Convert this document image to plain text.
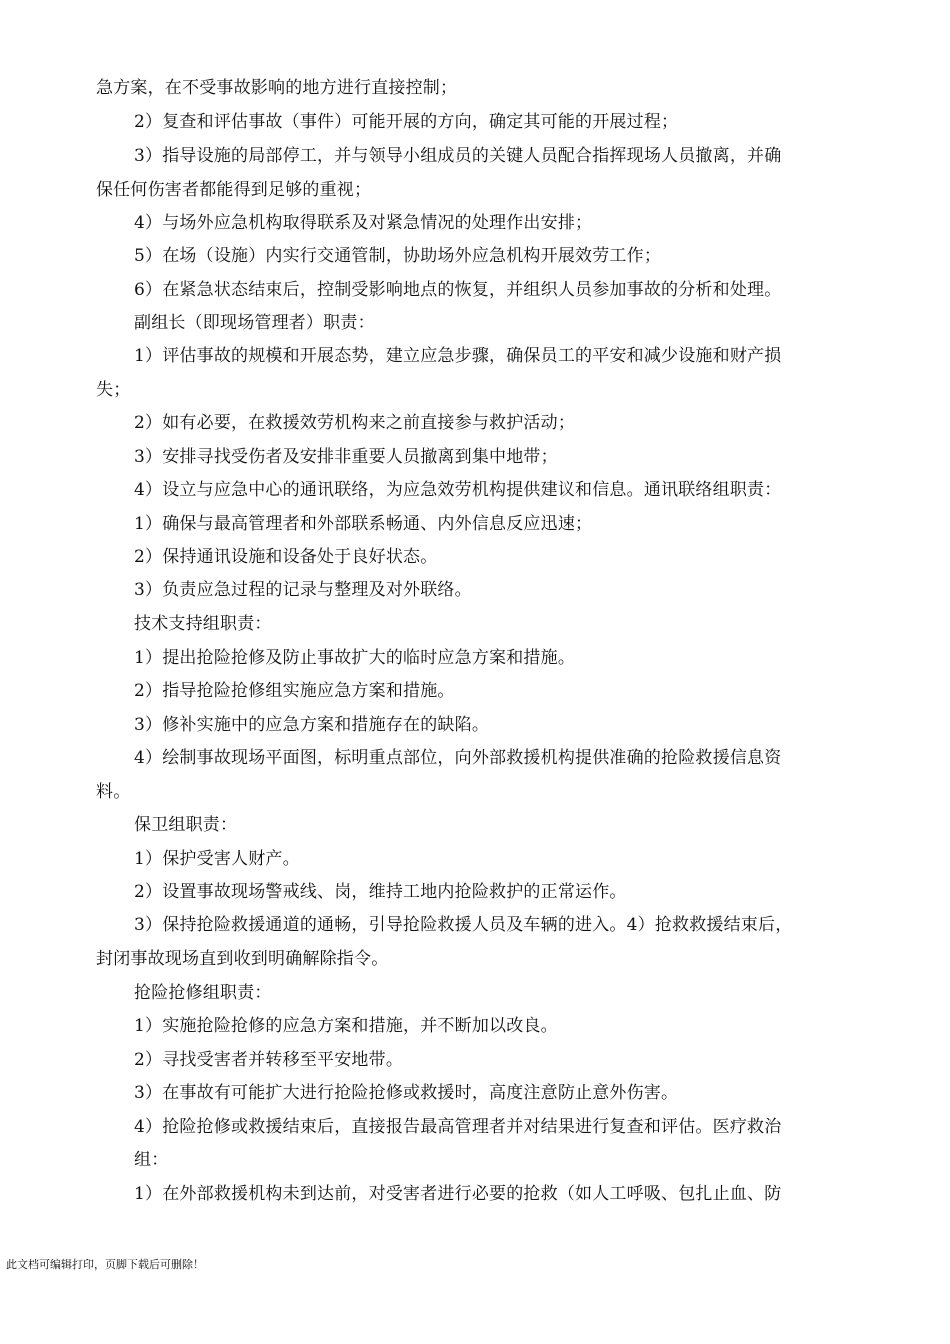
急方案，在不受事故影响的地方进行直接控制；
2）复查和评估事故（事件）可能开展的方向，确定其可能的开展过程；
3）指导设施的局部停工，并与领导小组成员的关键人员配合指挥现场人员撤离，并确
保任何伤害者都能得到足够的重视；
4）与场外应急机构取得联系及对紧急情况的处理作出安排；
5）在场（设施）内实行交通管制，协助场外应急机构开展效劳工作；
6）在紧急状态结束后，控制受影响地点的恢复，并组织人员参加事故的分析和处理。
副组长（即现场管理者）职责：
1）评估事故的规模和开展态势，建立应急步骤，确保员工的平安和减少设施和财产损
失；
2）如有必要，在救援效劳机构来之前直接参与救护活动；
3）安排寻找受伤者及安排非重要人员撤离到集中地带；
4）设立与应急中心的通讯联络，为应急效劳机构提供建议和信息。通讯联络组职责：
1）确保与最高管理者和外部联系畅通、内外信息反应迅速；
2）保持通讯设施和设备处于良好状态。
3）负责应急过程的记录与整理及对外联络。
技术支持组职责：
1）提出抢险抢修及防止事故扩大的临时应急方案和措施。
2）指导抢险抢修组实施应急方案和措施。
3）修补实施中的应急方案和措施存在的缺陷。
4）绘制事故现场平面图，标明重点部位，向外部救援机构提供准确的抢险救援信息资
料。
保卫组职责：
1）保护受害人财产。
2）设置事故现场警戒线、岗，维持工地内抢险救护的正常运作。
3）保持抢险救援通道的通畅，引导抢险救援人员及车辆的进入。4）抢救救援结束后，
封闭事故现场直到收到明确解除指令。
抢险抢修组职责：
1）实施抢险抢修的应急方案和措施，并不断加以改良。
2）寻找受害者并转移至平安地带。
3）在事故有可能扩大进行抢险抢修或救援时，高度注意防止意外伤害。
4）抢险抢修或救援结束后，直接报告最高管理者并对结果进行复查和评估。医疗救治
组：
1）在外部救援机构未到达前，对受害者进行必要的抢救（如人工呼吸、包扎止血、防
此文档可编辑打印，页脚下载后可删除！
